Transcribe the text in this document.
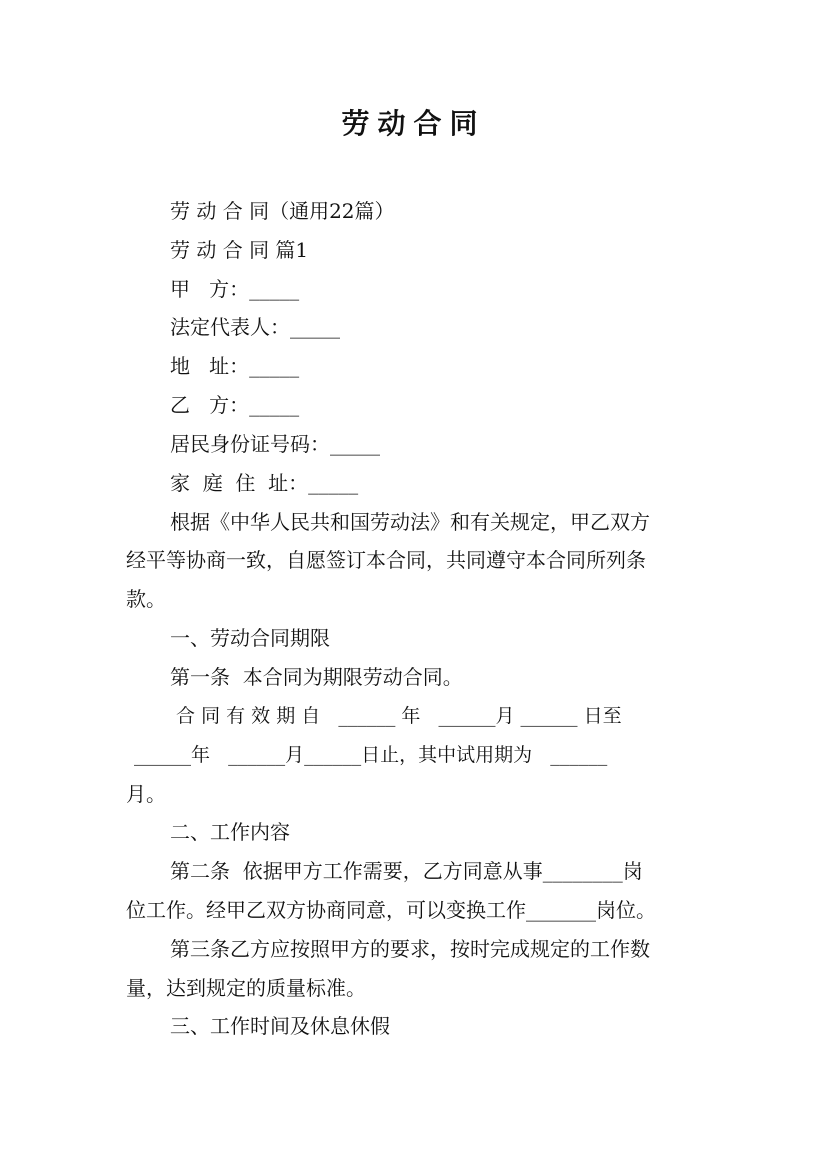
劳动合同
劳 动 合 同（通用22篇）
劳 动 合 同 篇1
甲   方：_____
法定代表人：_____
地   址：_____
乙   方：_____
居民身份证号码：_____
家  庭  住  址：_____
根据《中华人民共和国劳动法》和有关规定，甲乙双方
经平等协商一致，自愿签订本合同，共同遵守本合同所列条
款。
一、劳动合同期限
第一条  本合同为期限劳动合同。
合 同 有 效 期 自   ______ 年   ______月 ______ 日至
______年   ______月______日止，其中试用期为   ______
月。
二、工作内容
第二条  依据甲方工作需要，乙方同意从事________岗
位工作。经甲乙双方协商同意，可以变换工作_______岗位。
第三条乙方应按照甲方的要求，按时完成规定的工作数
量，达到规定的质量标准。
三、工作时间及休息休假
